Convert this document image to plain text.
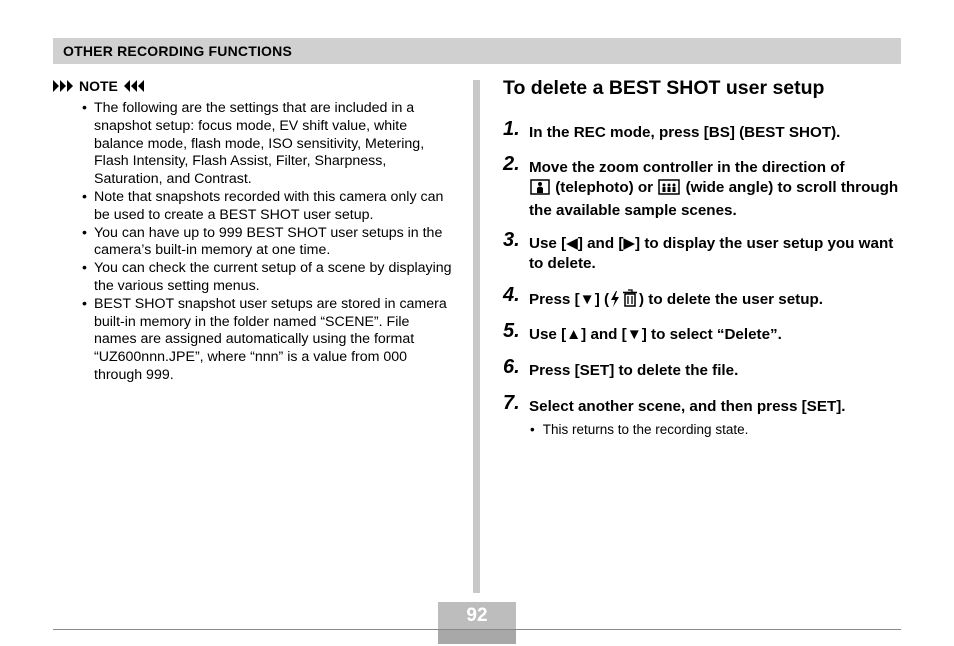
OTHER RECORDING FUNCTIONS
NOTE
• The following are the settings that are included in a snapshot setup: focus mode, EV shift value, white balance mode, flash mode, ISO sensitivity, Metering, Flash Intensity, Flash Assist, Filter, Sharpness, Saturation, and Contrast.
• Note that snapshots recorded with this camera only can be used to create a BEST SHOT user setup.
• You can have up to 999 BEST SHOT user setups in the camera’s built-in memory at one time.
• You can check the current setup of a scene by displaying the various setting menus.
• BEST SHOT snapshot user setups are stored in camera built-in memory in the folder named “SCENE”. File names are assigned automatically using the format “UZ600nnn.JPE”, where “nnn” is a value from 000 through 999.
To delete a BEST SHOT user setup
1. In the REC mode, press [BS] (BEST SHOT).
2. Move the zoom controller in the direction of
(telephoto) or (wide angle) to scroll through the available sample scenes.
3. Use [◀] and [▶] to display the user setup you want to delete.
4. Press [▼] ( ) to delete the user setup.
5. Use [▲] and [▼] to select “Delete”.
6. Press [SET] to delete the file.
7. Select another scene, and then press [SET].
• This returns to the recording state.
92
